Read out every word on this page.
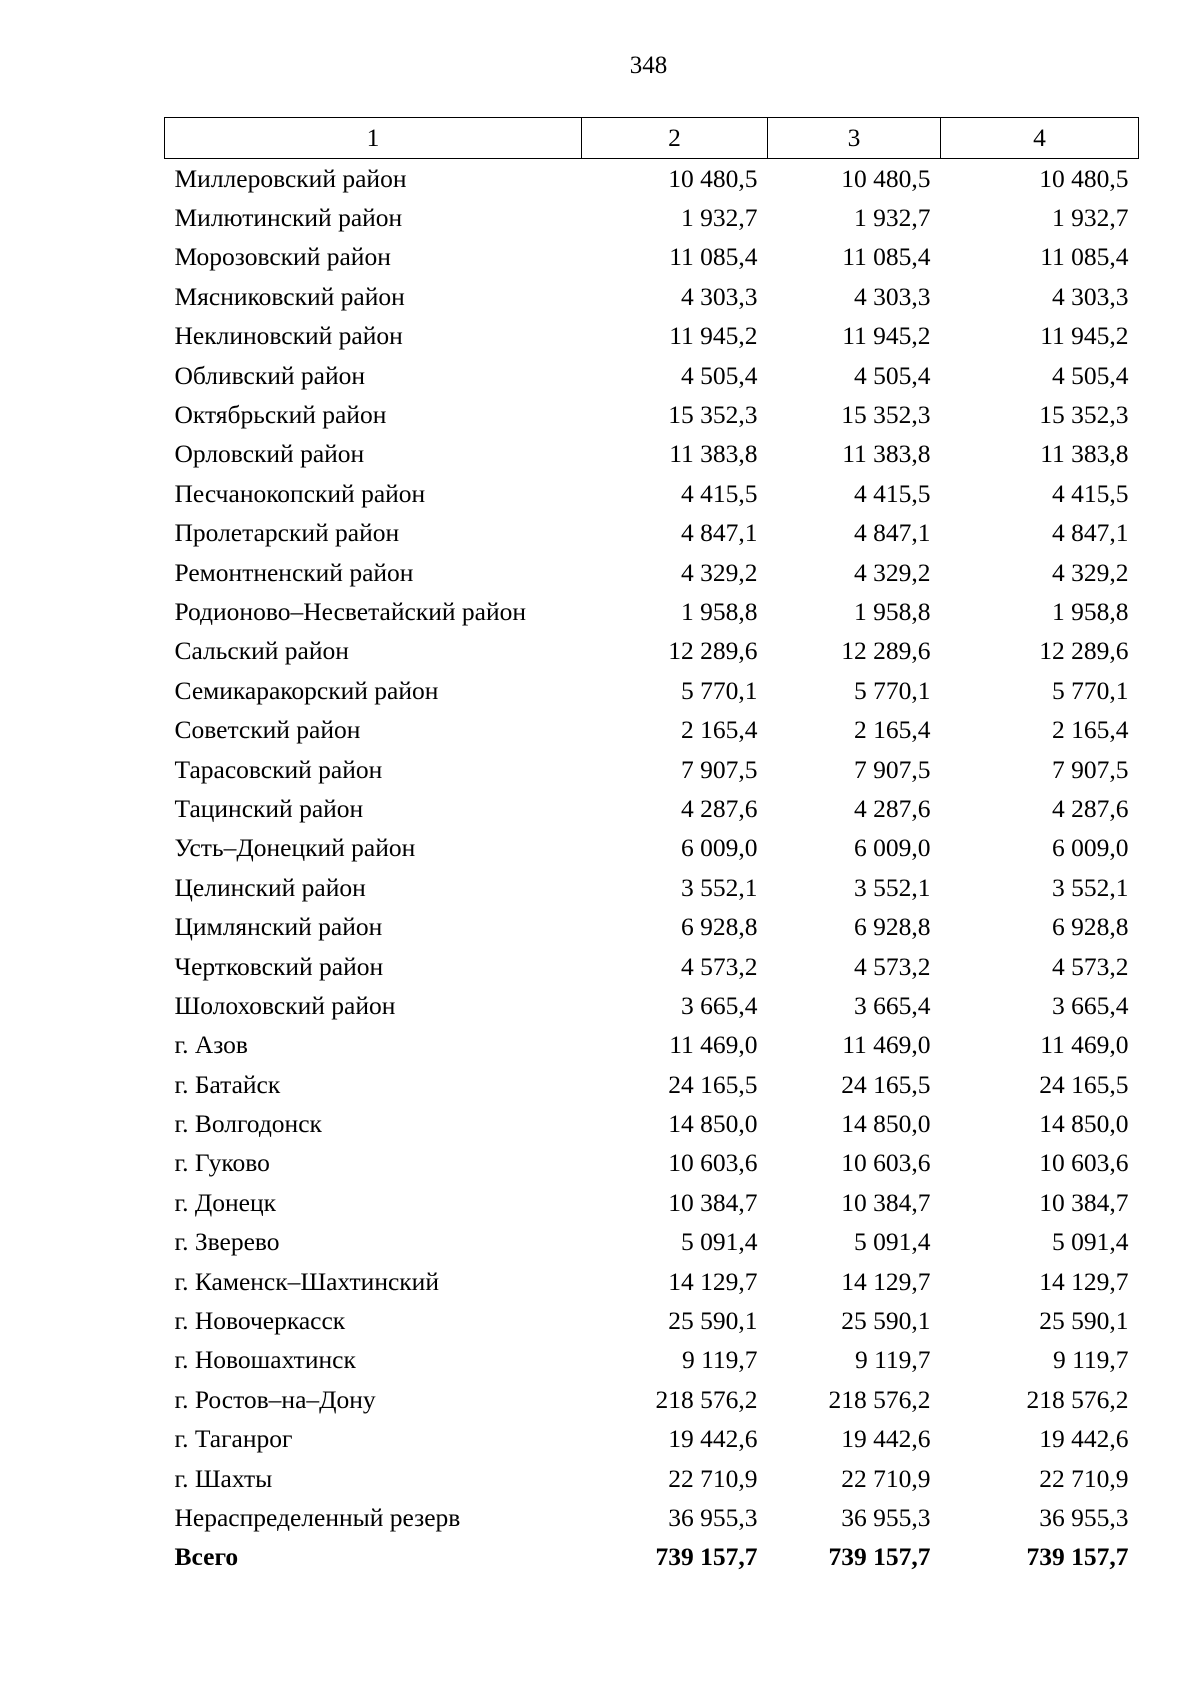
348
1	2	3	4
Миллеровский район	10 480,5	10 480,5	10 480,5
Милютинский район	1 932,7	1 932,7	1 932,7
Морозовский район	11 085,4	11 085,4	11 085,4
Мясниковский район	4 303,3	4 303,3	4 303,3
Неклиновский район	11 945,2	11 945,2	11 945,2
Обливский район	4 505,4	4 505,4	4 505,4
Октябрьский район	15 352,3	15 352,3	15 352,3
Орловский район	11 383,8	11 383,8	11 383,8
Песчанокопский район	4 415,5	4 415,5	4 415,5
Пролетарский район	4 847,1	4 847,1	4 847,1
Ремонтненский район	4 329,2	4 329,2	4 329,2
Родионово–Несветайский район	1 958,8	1 958,8	1 958,8
Сальский район	12 289,6	12 289,6	12 289,6
Семикаракорский район	5 770,1	5 770,1	5 770,1
Советский район	2 165,4	2 165,4	2 165,4
Тарасовский район	7 907,5	7 907,5	7 907,5
Тацинский район	4 287,6	4 287,6	4 287,6
Усть–Донецкий район	6 009,0	6 009,0	6 009,0
Целинский район	3 552,1	3 552,1	3 552,1
Цимлянский район	6 928,8	6 928,8	6 928,8
Чертковский район	4 573,2	4 573,2	4 573,2
Шолоховский район	3 665,4	3 665,4	3 665,4
г. Азов	11 469,0	11 469,0	11 469,0
г. Батайск	24 165,5	24 165,5	24 165,5
г. Волгодонск	14 850,0	14 850,0	14 850,0
г. Гуково	10 603,6	10 603,6	10 603,6
г. Донецк	10 384,7	10 384,7	10 384,7
г. Зверево	5 091,4	5 091,4	5 091,4
г. Каменск–Шахтинский	14 129,7	14 129,7	14 129,7
г. Новочеркасск	25 590,1	25 590,1	25 590,1
г. Новошахтинск	9 119,7	9 119,7	9 119,7
г. Ростов–на–Дону	218 576,2	218 576,2	218 576,2
г. Таганрог	19 442,6	19 442,6	19 442,6
г. Шахты	22 710,9	22 710,9	22 710,9
Нераспределенный резерв	36 955,3	36 955,3	36 955,3
Всего	739 157,7	739 157,7	739 157,7
